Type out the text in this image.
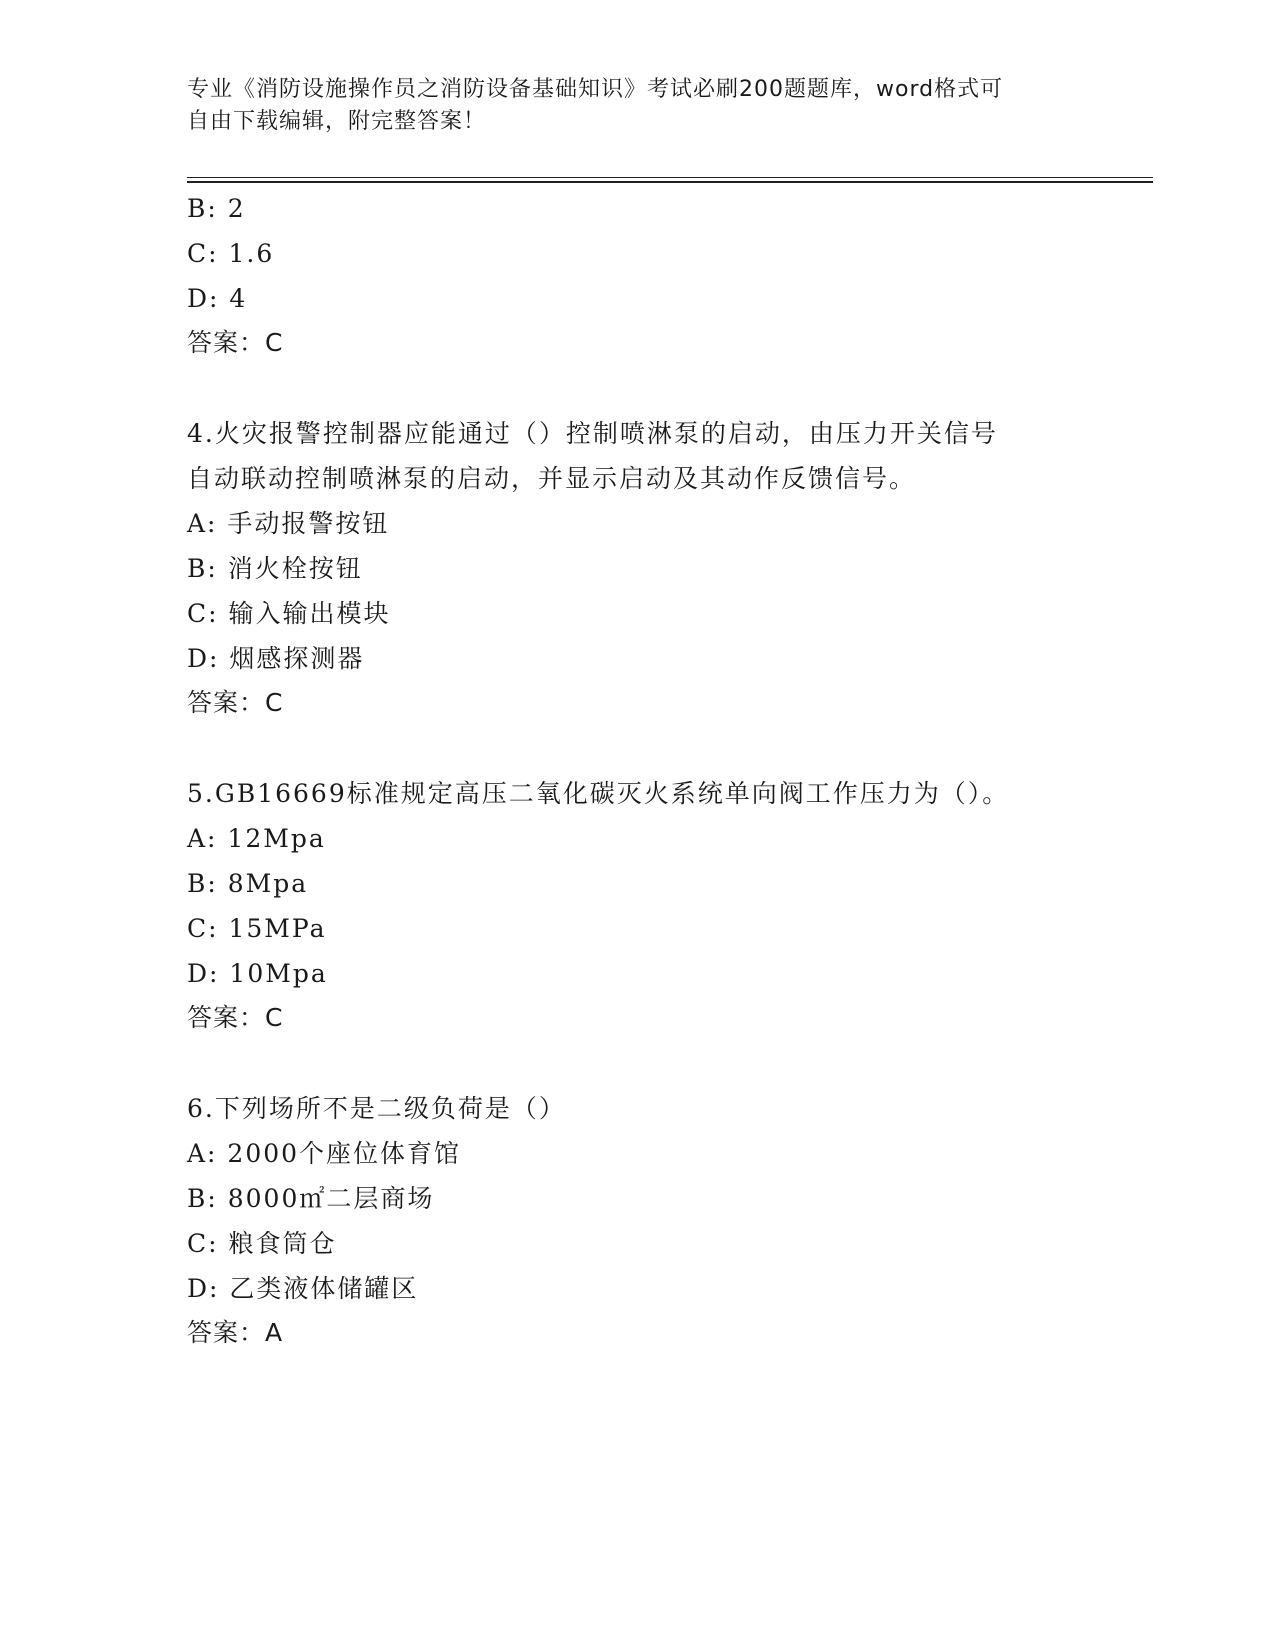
专业《消防设施操作员之消防设备基础知识》考试必刷200题题库，word格式可
自由下载编辑，附完整答案！
B: 2
C: 1.6
D: 4
答案：C
4.火灾报警控制器应能通过（）控制喷淋泵的启动，由压力开关信号
自动联动控制喷淋泵的启动，并显示启动及其动作反馈信号。
A: 手动报警按钮
B: 消火栓按钮
C: 输入输出模块
D: 烟感探测器
答案：C
5.GB16669标准规定高压二氧化碳灭火系统单向阀工作压力为（）。
A: 12Mpa
B: 8Mpa
C: 15MPa
D: 10Mpa
答案：C
6.下列场所不是二级负荷是（）
A: 2000个座位体育馆
B: 8000㎡二层商场
C: 粮食筒仓
D: 乙类液体储罐区
答案：A
